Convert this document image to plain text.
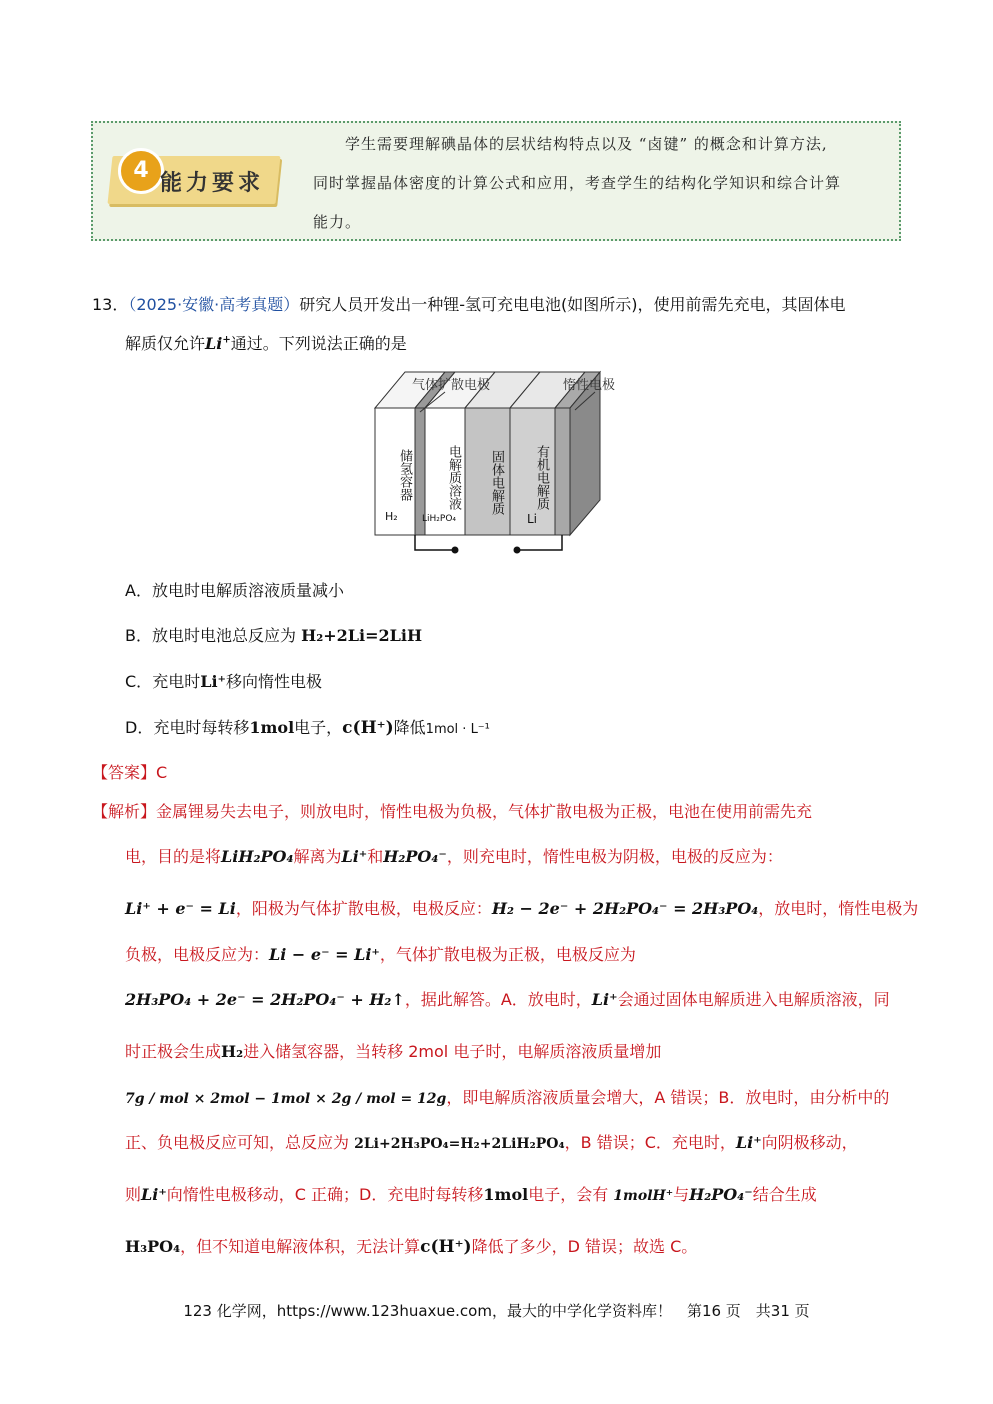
4
能力要求
学生需要理解碘晶体的层状结构特点以及 “卤键” 的概念和计算方法,
同时掌握晶体密度的计算公式和应用，考查学生的结构化学知识和综合计算
能力。
13．（2025·安徽·高考真题）研究人员开发出一种锂-氢可充电电池(如图所示)，使用前需先充电，其固体电
解质仅允许Li+通过。下列说法正确的是
气体扩散电极	惰性电极
储氢容器
H₂
电解质溶液
LiH₂PO₄
固体电解质	有机电解质
Li
A．放电时电解质溶液质量减小
B．放电时电池总反应为 H₂+2Li=2LiH
C．充电时Li⁺移向惰性电极
D．充电时每转移1mol电子，c(H⁺)降低1mol · L⁻¹
【答案】C
【解析】金属锂易失去电子，则放电时，惰性电极为负极，气体扩散电极为正极，电池在使用前需先充
电，目的是将LiH₂PO₄解离为Li⁺和H₂PO₄⁻，则充电时，惰性电极为阴极，电极的反应为：
Li⁺ + e⁻ = Li，阳极为气体扩散电极，电极反应：H₂ − 2e⁻ + 2H₂PO₄⁻ = 2H₃PO₄，放电时，惰性电极为
负极，电极反应为：Li − e⁻ = Li⁺，气体扩散电极为正极，电极反应为
2H₃PO₄ + 2e⁻ = 2H₂PO₄⁻ + H₂↑，据此解答。A．放电时，Li⁺会通过固体电解质进入电解质溶液，同
时正极会生成H₂进入储氢容器，当转移 2mol 电子时，电解质溶液质量增加
7g / mol × 2mol − 1mol × 2g / mol = 12g，即电解质溶液质量会增大，A 错误；B．放电时，由分析中的
正、负电极反应可知，总反应为 2Li+2H₃PO₄=H₂+2LiH₂PO₄，B 错误；C．充电时，Li⁺向阴极移动，
则Li⁺向惰性电极移动，C 正确；D．充电时每转移1mol电子，会有 1molH⁺与H₂PO₄⁻结合生成
H₃PO₄，但不知道电解液体积，无法计算c(H⁺)降低了多少，D 错误；故选 C。
123 化学网，https://www.123huaxue.com，最大的中学化学资料库！　第16 页　共31 页
